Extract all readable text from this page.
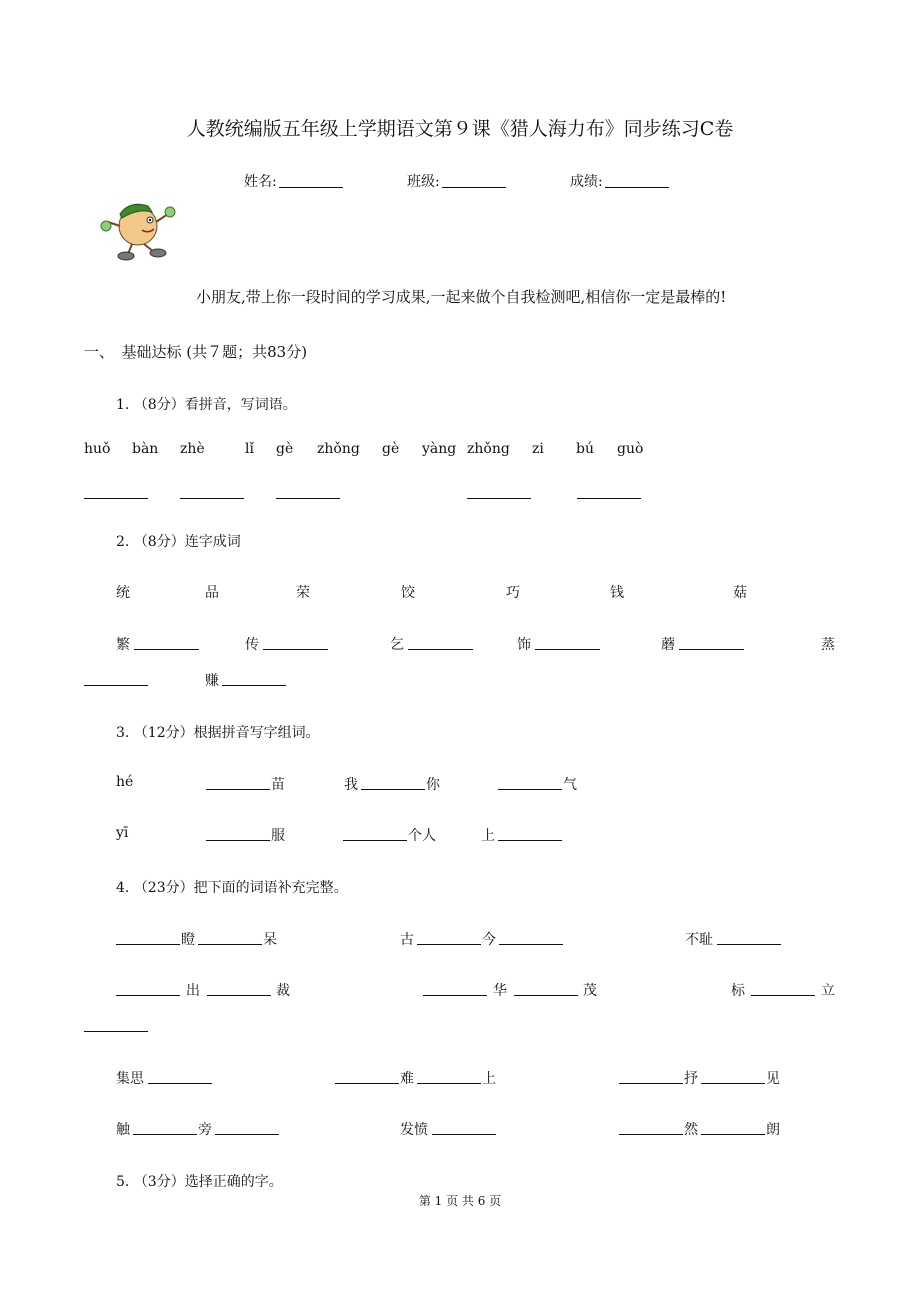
人教统编版五年级上学期语文第９课《猎人海力布》同步练习C卷
姓名:	班级:	成绩:
小朋友,带上你一段时间的学习成果,一起来做个自我检测吧,相信你一定是最棒的!
一、　基础达标 (共７题；共83分)
1. （8分）看拼音，写词语。
huǒ bàn zhè	lǐ gè zhǒng gè yàng zhǒng zi bú guò
2. （8分）连字成词
统	品	荣	饺	巧	钱	菇
繁	传	乞	饰	蘑	蒸
赚
3. （12分）根据拼音写字组词。
hé	苗	我	你	气
yī	服	个人	上
4. （23分）把下面的词语补充完整。
瞪	呆	古	今	不耻
出	裁	华	茂	标	立
集思	难	上	抒	见
触	旁	发愤	然	朗
5. （3分）选择正确的字。
第 1 页 共 6 页
